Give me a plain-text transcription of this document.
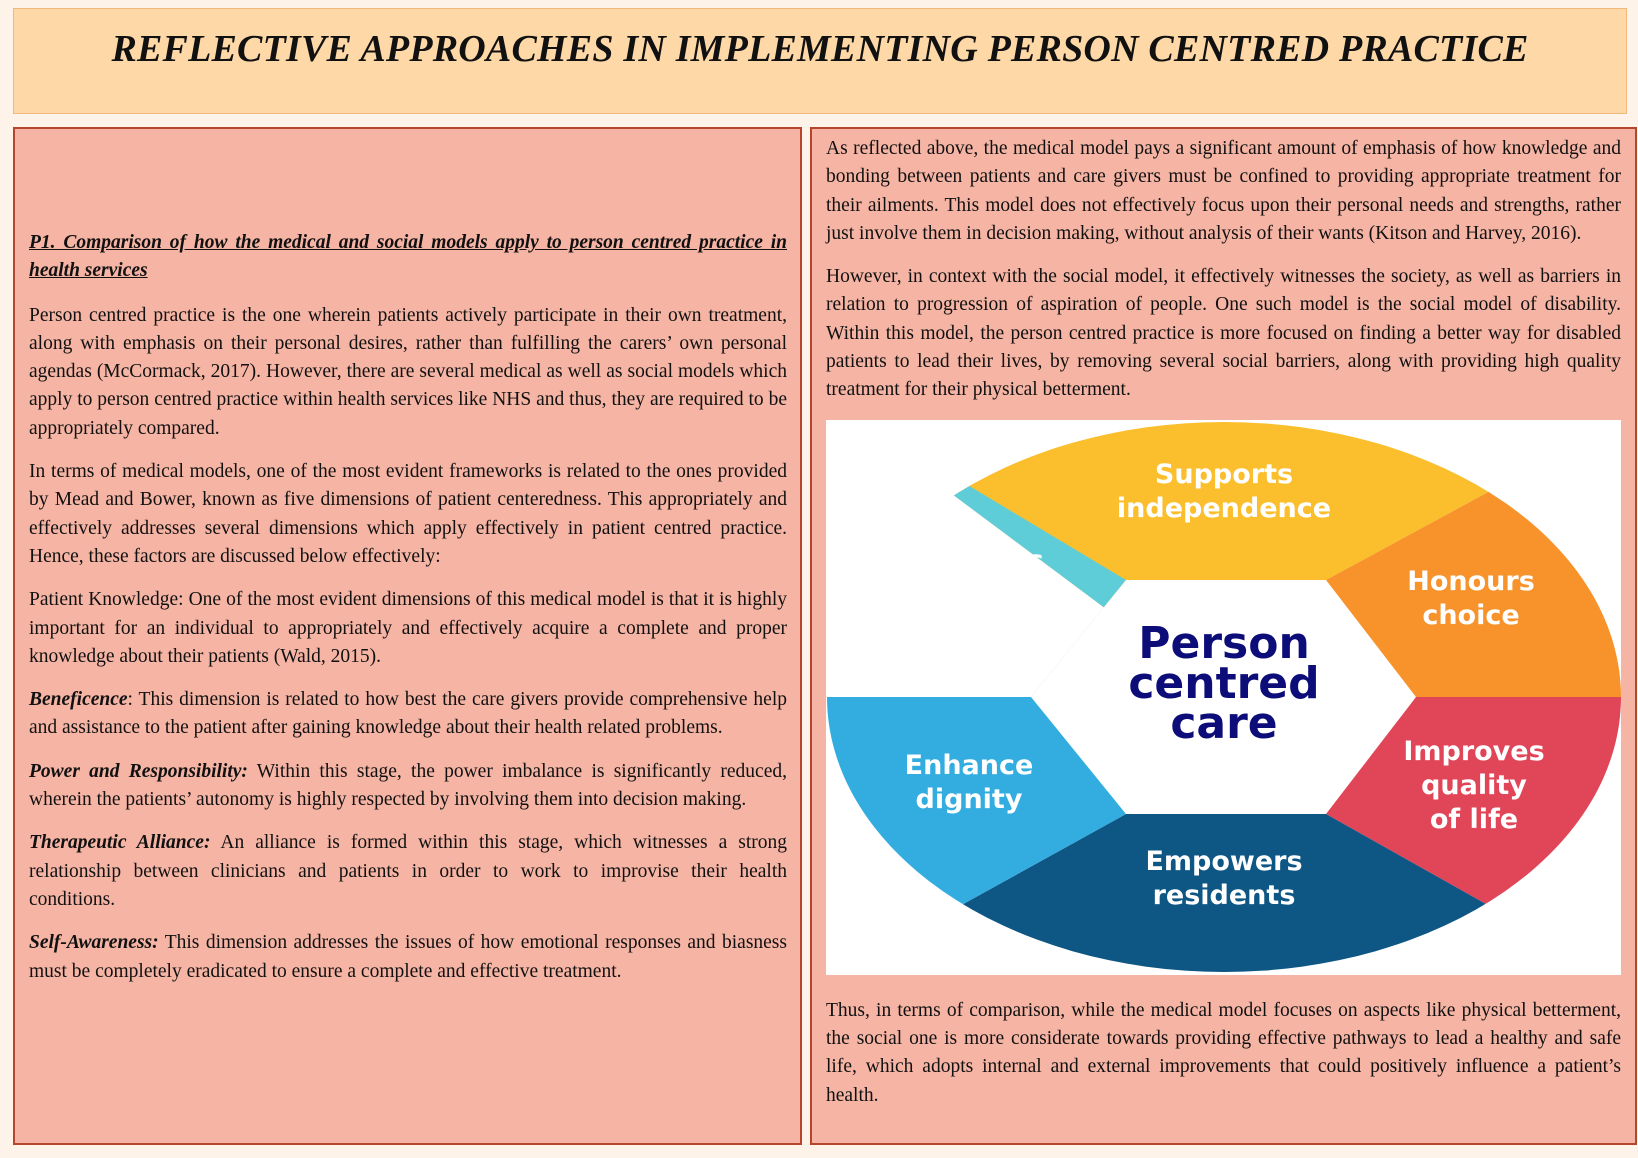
REFLECTIVE APPROACHES IN IMPLEMENTING PERSON CENTRED PRACTICE

P1. Comparison of how the medical and social models apply to person centred practice in health services

Person centred practice is the one wherein patients actively participate in their own treatment, along with emphasis on their personal desires, rather than fulfilling the carers’ own personal agendas (McCormack, 2017). However, there are several medical as well as social models which apply to person centred practice within health services like NHS and thus, they are required to be appropriately compared.

In terms of medical models, one of the most evident frameworks is related to the ones provided by Mead and Bower, known as five dimensions of patient centeredness. This appropriately and effectively addresses several dimensions which apply effectively in patient centred practice. Hence, these factors are discussed below effectively:

Patient Knowledge: One of the most evident dimensions of this medical model is that it is highly important for an individual to appropriately and effectively acquire a complete and proper knowledge about their patients (Wald, 2015).

Beneficence: This dimension is related to how best the care givers provide comprehensive help and assistance to the patient after gaining knowledge about their health related problems.

Power and Responsibility: Within this stage, the power imbalance is significantly reduced, wherein the patients’ autonomy is highly respected by involving them into decision making.

Therapeutic Alliance: An alliance is formed within this stage, which witnesses a strong relationship between clinicians and patients in order to work to improvise their health conditions.

Self-Awareness: This dimension addresses the issues of how emotional responses and biasness must be completely eradicated to ensure a complete and effective treatment.

As reflected above, the medical model pays a significant amount of emphasis of how knowledge and bonding between patients and care givers must be confined to providing appropriate treatment for their ailments. This model does not effectively focus upon their personal needs and strengths, rather just involve them in decision making, without analysis of their wants (Kitson and Harvey, 2016).

However, in context with the social model, it effectively witnesses the society, as well as barriers in relation to progression of aspiration of people. One such model is the social model of disability. Within this model, the person centred practice is more focused on finding a better way for disabled patients to lead their lives, by removing several social barriers, along with providing high quality treatment for their physical betterment.

Supports independence
Honours choice
Improves quality of life
Empowers residents
Enhance dignity
Promotes positive well-being Person centred care

Thus, in terms of comparison, while the medical model focuses on aspects like physical betterment, the social one is more considerate towards providing effective pathways to lead a healthy and safe life, which adopts internal and external improvements that could positively influence a patient’s health.
